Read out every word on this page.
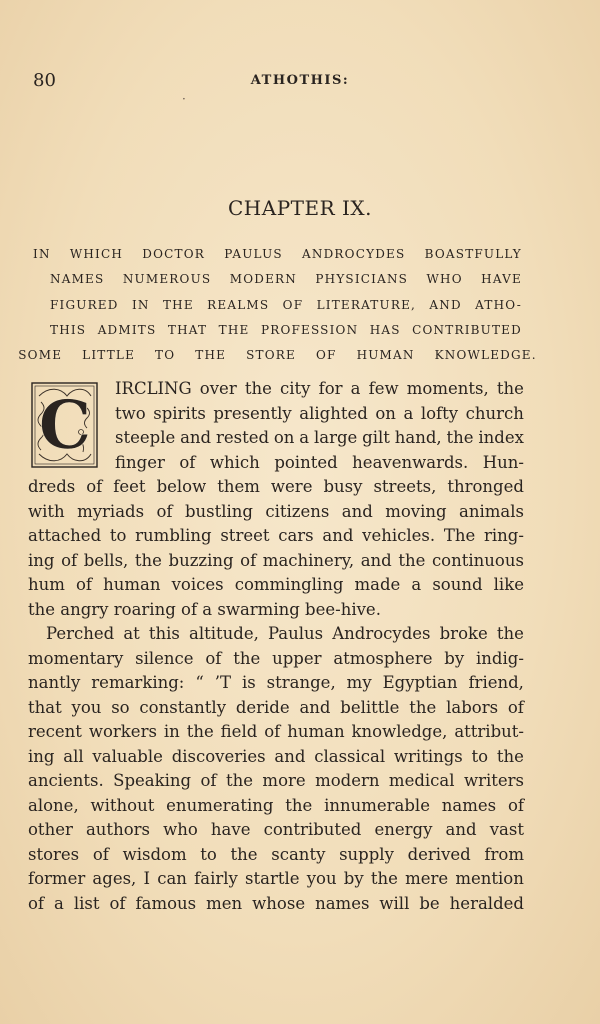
80	ATHOTHIS:
·
CHAPTER IX.
IN WHICH DOCTOR PAULUS ANDROCYDES BOASTFULLY
NAMES NUMEROUS MODERN PHYSICIANS WHO HAVE
FIGURED IN THE REALMS OF LITERATURE, AND ATHO-
THIS ADMITS THAT THE PROFESSION HAS CONTRIBUTED
SOME LITTLE TO THE STORE OF HUMAN KNOWLEDGE.
C IRCLING over the city for a few moments, the
two spirits presently alighted on a lofty church
steeple and rested on a large gilt hand, the index
finger of which pointed heavenwards. Hun-
dreds of feet below them were busy streets, thronged
with myriads of bustling citizens and moving animals
attached to rumbling street cars and vehicles. The ring-
ing of bells, the buzzing of machinery, and the continuous
hum of human voices commingling made a sound like
the angry roaring of a swarming bee-hive.
Perched at this altitude, Paulus Androcydes broke the
momentary silence of the upper atmosphere by indig-
nantly remarking: “ ’T is strange, my Egyptian friend,
that you so constantly deride and belittle the labors of
recent workers in the field of human knowledge, attribut-
ing all valuable discoveries and classical writings to the
ancients. Speaking of the more modern medical writers
alone, without enumerating the innumerable names of
other authors who have contributed energy and vast
stores of wisdom to the scanty supply derived from
former ages, I can fairly startle you by the mere mention
of a list of famous men whose names will be heralded
